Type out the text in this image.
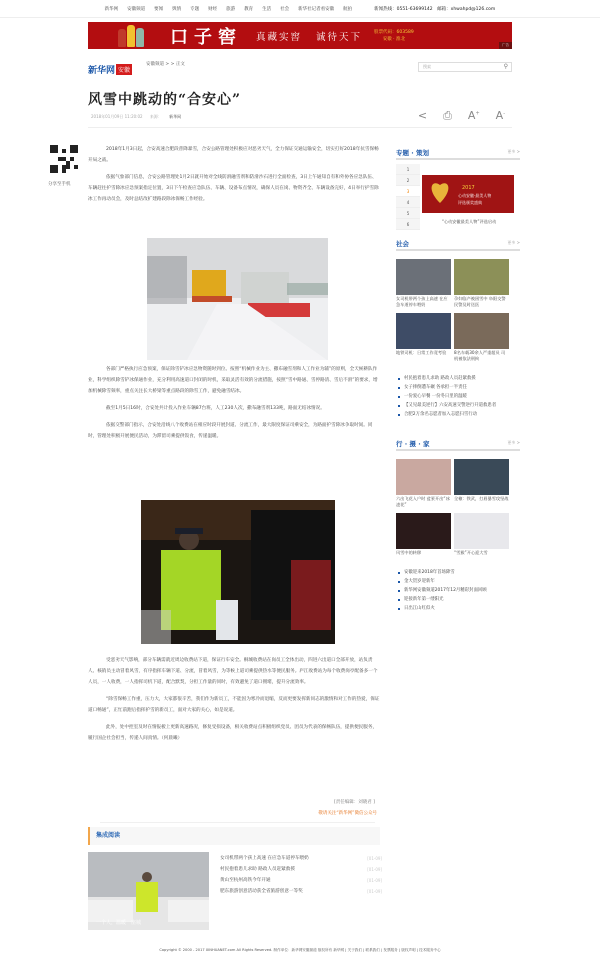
新华网 安徽频道 要闻 舆情 专题 财经 旅游 教育 生活 社会 新华社记者看安徽 航拍	新闻热线：0551-63699142　邮箱：xhwahpd@126.com
口子窖 真藏实窖 诚待天下	股票代码：603589
安徽 · 淮北
广告
新华网 安徽
安徽频道 > > 正文	搜索	⚲
风雪中跳动的“合安心”
2018年01月09日 11:20:02 来源： 新华网	< ⎙ A+ A-
分享至手机

2018年1月3日起，合安高速合肥段普降暴雪，合安公路管理处积极应对恶劣天气，全力保证交通运输安全，切实打好2018年抗雪保畅开局之战。

依据气象部门信息，合安公路管理处1月2日就开始对全线防滑融雪剂和防滑沙石进行全面检查，3日上午通知自有和外协各应急队伍、车辆赶往护雪除冰应急预案指定位置，3日下午检查应急队伍、车辆、设备布点情况，确保人员在岗、物资齐全、车辆设备完好，4日举行护雪除冰工作再动员会，及时总结改扩建路段除冰保畅工作经验。

各部门严格执行应急预案，保证除雪铲冰应急物资随时到位。按照“机械作业为主、撒布融雪剂和人工作业为辅”的原则，全天候耕队作业，科学组织除雪铲冰保通作业，充分利用高速道口封闭的时机，采取灵活有效的分流措施，按照“雪中路通、雪停路清、雪后不滑”的要求，增加机械除雪频率，重点关注长大桥梁等重点路段的除雪工作，避免融雪结冰。

截至1月5日16时，合安处共计投入作业车辆87台班，人工230人次，撒布融雪剂133吨，路面无结冰情况。

依据交警部门指示，合安处沿线八个收费站在相应时段开展封道、分流工作，最大限度保证司乘安全，为路面护雪除冰争取时间。同时，管理处积极开展便民活动，为滞留司乘提供饭食，传递温暖。

受恶劣天气影响，部分车辆需就近周边收费站下道，保证行车安全。桐城收费站在岗员工全体出动，四进六出道口全部开放，站负责人、核销员主动冒着风雪，有序指挥车辆下道、分流，冒着风雪，为等候上道司乘提供热水等便民服务。庐江收费站为每个收费岗亭配备多一个人员，一人收费，一人指挥司机下道，配合默契，分担工作量的同时，有效避免了道口拥堵，提升分流效率。

“除雪保畅工作重，压力大，大家都很辛苦，我们作为新员工，不能因为寒冷而退缩，反而更要发挥新同志的激情和对工作的热爱，保证道口畅通”，正忙前跑后指挥护雪的新员工，面对大家的关心，如是说道。

此外，处中控室及时在情报板上更新高速路况，修复受损设备，相关收费站点积极组织党员、团员为代表的保畅队伍，提供便民服务，履行国企社会担当，传递人间真情。（何晨曦）

[责任编辑：刘晓君 ]
敬请关注“新华网”微信公众号
集成阅读
一个人，温暖一座城
女司机带两个孩上高速 在应急车道停车喂奶	[01-09]
村民抱着患儿求助 路政人员赶紧救援	[01-09]
黄山至杭州高铁今年开通	[01-09]
肥东旅游创意活动获全省旅游创意一等奖	[01-09]
Copyright © 2000 - 2017 XINHUANET.com All Rights Reserved. 制作单位：新华网安徽频道 版权所有 新华网 | 关于我们 | 联系我们 | 发票服务 | 版权声明 | 技术服务中心
专题 · 策划	更多 >
1
2
3
4
5
6
2017
心动安徽·最美人物
评选颁奖盛典
“心动安徽最美人物”评选启动
社会	更多 >
女司机带两个孩上高速 在应急车道停车喂奶
孕妇临产被困雪中 阜阳交警民警及时送医
地铁司机：日常工作竟考验	8名车载30余人严重超员 司机被依法刑拘
村民抱着患儿求助 路政人员赶紧救援
女子摔倒遭车碾 各承担一半责任
一份爱心早餐 一份冬日里的温暖
【又见最美逆行】六安高速交警逆行开道救患者
合肥2万余名志愿者加入志愿扫雪行动
行 · 摄 · 家	更多 >
六出飞花入户时 盆景开出“冰凌花”
全椒：铁武，打眉暴雪攻坚战
风雪中的转移	“雪猴”开心迎大雪
安徽迎来2018年首场降雪
金大贺岁迎新年
新华网安徽频道2017年12月精彩封面回顾
迎接新年第一缕阳光
日出江山红似火
